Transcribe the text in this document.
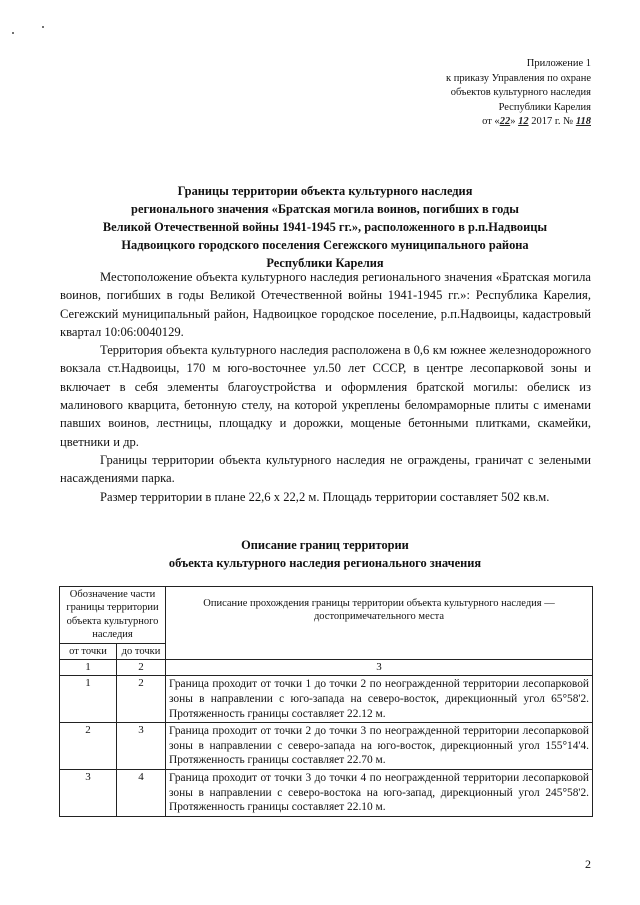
Приложение 1
к приказу Управления по охране
объектов культурного наследия
Республики Карелия
от «22» 12 2017 г. № 118
Границы территории объекта культурного наследия
регионального значения «Братская могила воинов, погибших в годы
Великой Отечественной войны 1941-1945 гг.», расположенного в р.п.Надвоицы
Надвоицкого городского поселения Сегежского муниципального района
Республики Карелия

Местоположение объекта культурного наследия регионального значения «Братская могила воинов, погибших в годы Великой Отечественной войны 1941-1945 гг.»: Республика Карелия, Сегежский муниципальный район, Надвоицкое городское поселение, р.п.Надвоицы, кадастровый квартал 10:06:0040129.

Территория объекта культурного наследия расположена в 0,6 км южнее железнодорожного вокзала ст.Надвоицы, 170 м юго-восточнее ул.50 лет СССР, в центре лесопарковой зоны и включает в себя элементы благоустройства и оформления братской могилы: обелиск из малинового кварцита, бетонную стелу, на которой укреплены беломраморные плиты с именами павших воинов, лестницы, площадку и дорожки, мощеные бетонными плитками, скамейки, цветники и др.

Границы территории объекта культурного наследия не ограждены, граничат с зелеными насаждениями парка.

Размер территории в плане 22,6 х 22,2 м. Площадь территории составляет 502 кв.м.

Описание границ территории
объекта культурного наследия регионального значения
Обозначение части границы территории объекта культурного наследия		Описание прохождения границы территории объекта культурного наследия — достопримечательного места
от точки	до точки	
1	2	3
1	2	Граница проходит от точки 1 до точки 2 по неогражденной территории лесопарковой зоны в направлении с юго-запада на северо-восток, дирекционный угол 65°58'2. Протяженность границы составляет 22.12 м.
2	3	Граница проходит от точки 2 до точки 3 по неогражденной территории лесопарковой зоны в направлении с северо-запада на юго-восток, дирекционный угол 155°14'4. Протяженность границы составляет 22.70 м.
3	4	Граница проходит от точки 3 до точки 4 по неогражденной территории лесопарковой зоны в направлении с северо-востока на юго-запад, дирекционный угол 245°58'2. Протяженность границы составляет 22.10 м.
2
